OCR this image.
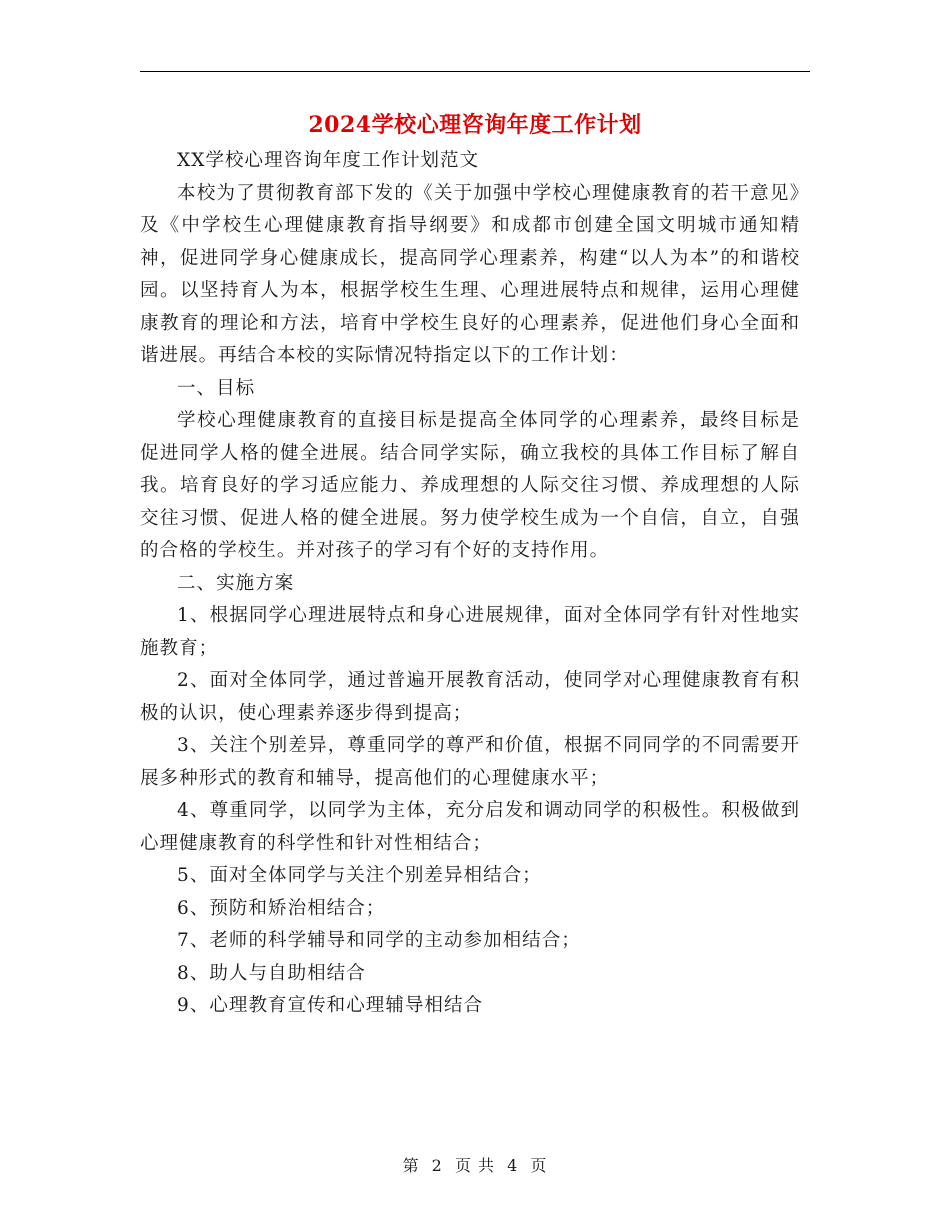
2024学校心理咨询年度工作计划

XX学校心理咨询年度工作计划范文

本校为了贯彻教育部下发的《关于加强中学校心理健康教育的若干意见》及《中学校生心理健康教育指导纲要》和成都市创建全国文明城市通知精神，促进同学身心健康成长，提高同学心理素养，构建“以人为本”的和谐校园。以坚持育人为本，根据学校生生理、心理进展特点和规律，运用心理健康教育的理论和方法，培育中学校生良好的心理素养，促进他们身心全面和谐进展。再结合本校的实际情况特指定以下的工作计划：

一、目标

学校心理健康教育的直接目标是提高全体同学的心理素养，最终目标是促进同学人格的健全进展。结合同学实际，确立我校的具体工作目标了解自我。培育良好的学习适应能力、养成理想的人际交往习惯、养成理想的人际交往习惯、促进人格的健全进展。努力使学校生成为一个自信，自立，自强的合格的学校生。并对孩子的学习有个好的支持作用。

二、实施方案

1、根据同学心理进展特点和身心进展规律，面对全体同学有针对性地实施教育；

2、面对全体同学，通过普遍开展教育活动，使同学对心理健康教育有积极的认识，使心理素养逐步得到提高；

3、关注个别差异，尊重同学的尊严和价值，根据不同同学的不同需要开展多种形式的教育和辅导，提高他们的心理健康水平；

4、尊重同学，以同学为主体，充分启发和调动同学的积极性。积极做到心理健康教育的科学性和针对性相结合；

5、面对全体同学与关注个别差异相结合；

6、预防和矫治相结合；

7、老师的科学辅导和同学的主动参加相结合；

8、助人与自助相结合

9、心理教育宣传和心理辅导相结合

第 2 页 共 4 页
